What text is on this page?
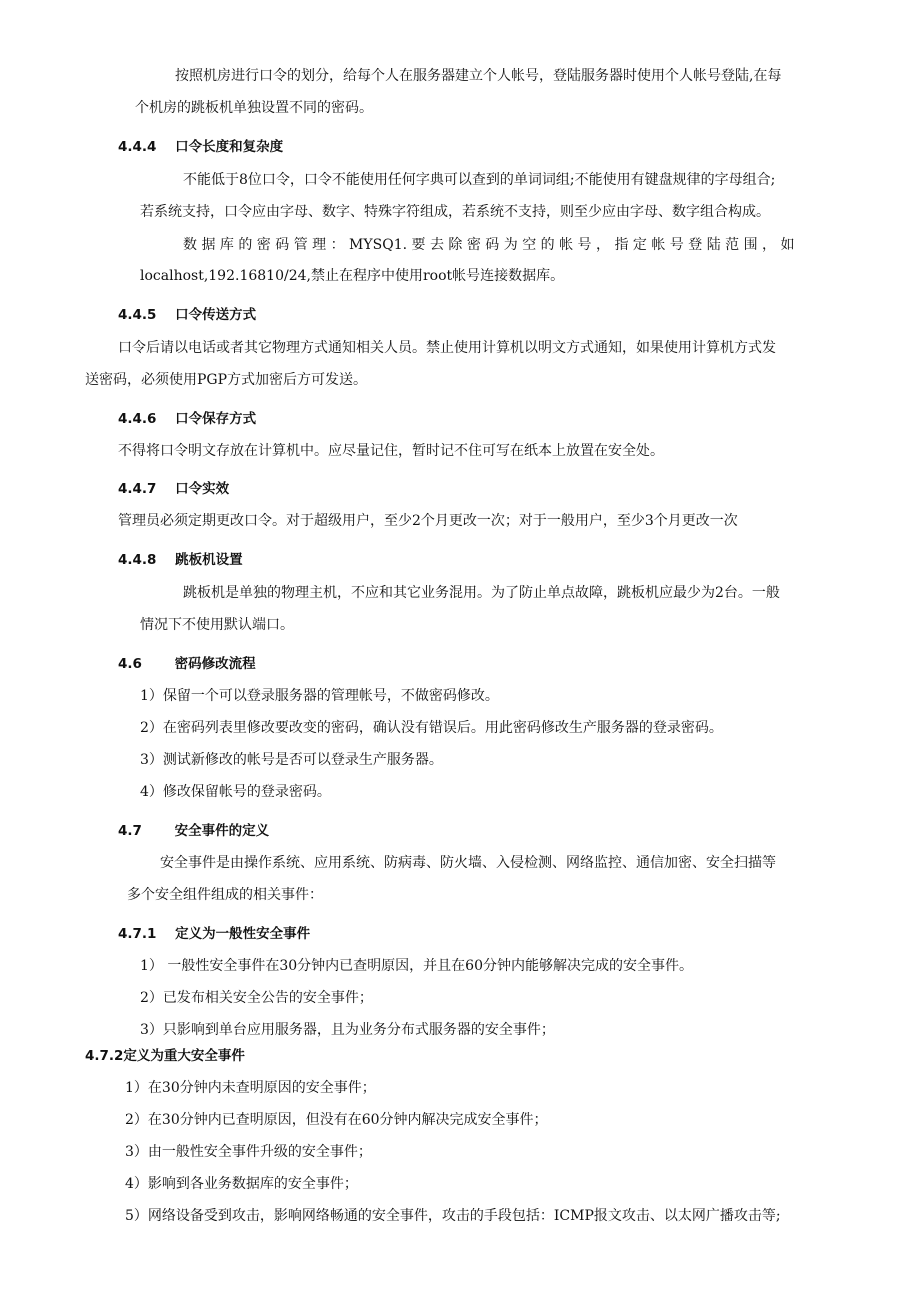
按照机房进行口令的划分，给每个人在服务器建立个人帐号，登陆服务器时使用个人帐号登陆,在每
个机房的跳板机单独设置不同的密码。
4.4.4 口令长度和复杂度
不能低于8位口令，口令不能使用任何字典可以查到的单词词组;不能使用有键盘规律的字母组合;
若系统支持，口令应由字母、数字、特殊字符组成，若系统不支持，则至少应由字母、数字组合构成。
数 据 库 的 密 码 管 理 ： MYSQ1. 要 去 除 密 码 为 空 的 帐 号 ， 指 定 帐 号 登 陆 范 围 ， 如
localhost,192.16810/24,禁止在程序中使用root帐号连接数据库。
4.4.5 口令传送方式
口令后请以电话或者其它物理方式通知相关人员。禁止使用计算机以明文方式通知，如果使用计算机方式发
送密码，必须使用PGP方式加密后方可发送。
4.4.6 口令保存方式
不得将口令明文存放在计算机中。应尽量记住，暂时记不住可写在纸本上放置在安全处。
4.4.7 口令实效
管理员必须定期更改口令。对于超级用户，至少2个月更改一次；对于一般用户，至少3个月更改一次
4.4.8 跳板机设置
跳板机是单独的物理主机，不应和其它业务混用。为了防止单点故障，跳板机应最少为2台。一般
情况下不使用默认端口。
4.6 密码修改流程
1）保留一个可以登录服务器的管理帐号，不做密码修改。
2）在密码列表里修改要改变的密码，确认没有错误后。用此密码修改生产服务器的登录密码。
3）测试新修改的帐号是否可以登录生产服务器。
4）修改保留帐号的登录密码。
4.7 安全事件的定义
安全事件是由操作系统、应用系统、防病毒、防火墙、入侵检测、网络监控、通信加密、安全扫描等
多个安全组件组成的相关事件：
4.7.1 定义为一般性安全事件
1） 一般性安全事件在30分钟内已查明原因，并且在60分钟内能够解决完成的安全事件。
2）已发布相关安全公告的安全事件；
3）只影响到单台应用服务器，且为业务分布式服务器的安全事件；
4.7.2定义为重大安全事件
1）在30分钟内未查明原因的安全事件；
2）在30分钟内已查明原因，但没有在60分钟内解决完成安全事件；
3）由一般性安全事件升级的安全事件；
4）影响到各业务数据库的安全事件；
5）网络设备受到攻击，影响网络畅通的安全事件，攻击的手段包括：ICMP报文攻击、以太网广播攻击等;
